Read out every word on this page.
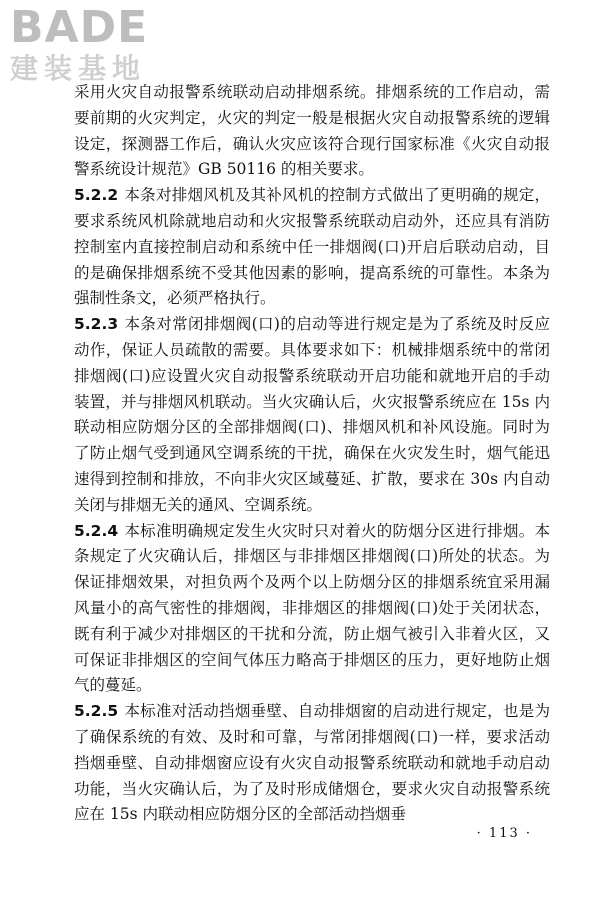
BADE
建装基地

采用火灾自动报警系统联动启动排烟系统。排烟系统的工作启动，需要前期的火灾判定，火灾的判定一般是根据火灾自动报警系统的逻辑设定，探测器工作后，确认火灾应该符合现行国家标准《火灾自动报警系统设计规范》GB 50116 的相关要求。

5.2.2 本条对排烟风机及其补风机的控制方式做出了更明确的规定，要求系统风机除就地启动和火灾报警系统联动启动外，还应具有消防控制室内直接控制启动和系统中任一排烟阀(口)开启后联动启动，目的是确保排烟系统不受其他因素的影响，提高系统的可靠性。本条为强制性条文，必须严格执行。

5.2.3 本条对常闭排烟阀(口)的启动等进行规定是为了系统及时反应动作，保证人员疏散的需要。具体要求如下：机械排烟系统中的常闭排烟阀(口)应设置火灾自动报警系统联动开启功能和就地开启的手动装置，并与排烟风机联动。当火灾确认后，火灾报警系统应在 15s 内联动相应防烟分区的全部排烟阀(口)、排烟风机和补风设施。同时为了防止烟气受到通风空调系统的干扰，确保在火灾发生时，烟气能迅速得到控制和排放，不向非火灾区域蔓延、扩散，要求在 30s 内自动关闭与排烟无关的通风、空调系统。

5.2.4 本标准明确规定发生火灾时只对着火的防烟分区进行排烟。本条规定了火灾确认后，排烟区与非排烟区排烟阀(口)所处的状态。为保证排烟效果，对担负两个及两个以上防烟分区的排烟系统宜采用漏风量小的高气密性的排烟阀，非排烟区的排烟阀(口)处于关闭状态，既有利于减少对排烟区的干扰和分流，防止烟气被引入非着火区，又可保证非排烟区的空间气体压力略高于排烟区的压力，更好地防止烟气的蔓延。

5.2.5 本标准对活动挡烟垂壁、自动排烟窗的启动进行规定，也是为了确保系统的有效、及时和可靠，与常闭排烟阀(口)一样，要求活动挡烟垂壁、自动排烟窗应设有火灾自动报警系统联动和就地手动启动功能，当火灾确认后，为了及时形成储烟仓，要求火灾自动报警系统应在 15s 内联动相应防烟分区的全部活动挡烟垂

· 113 ·
